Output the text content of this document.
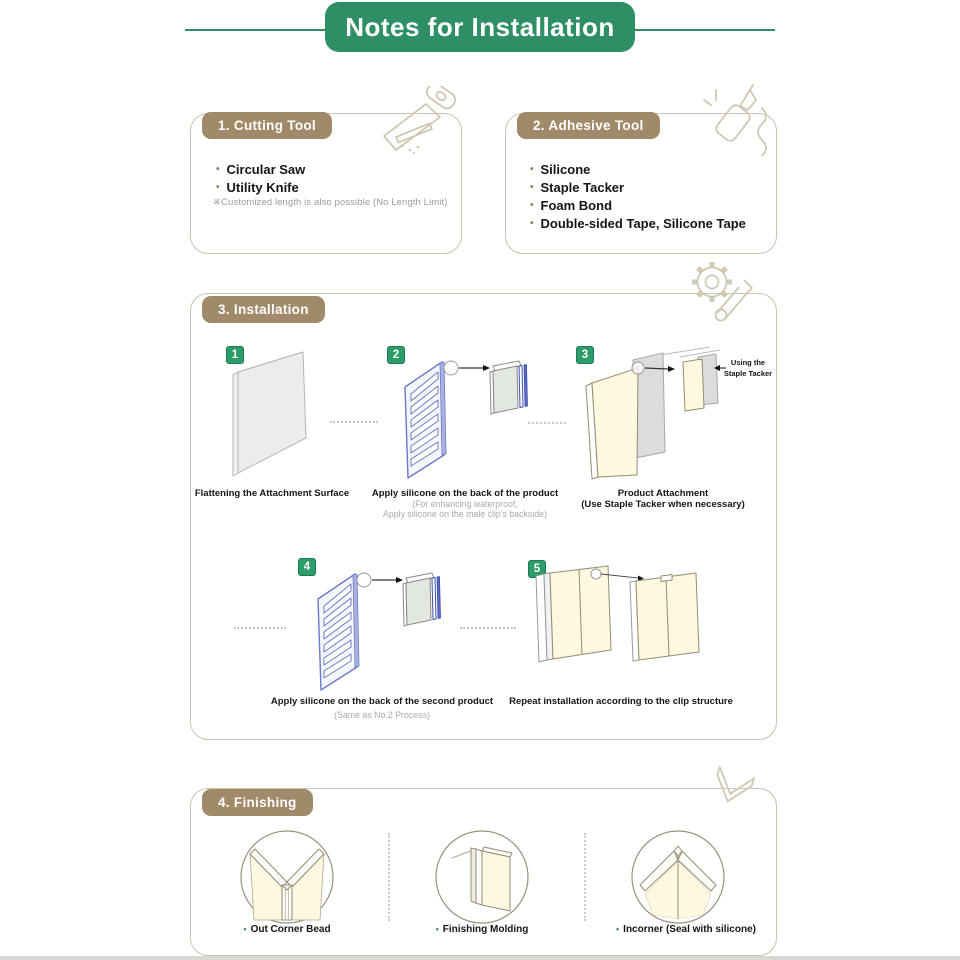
Notes for Installation
1. Cutting Tool
• Circular Saw
• Utility Knife
※Customized length is also possible (No Length Limit)
2. Adhesive Tool
• Silicone
• Staple Tacker
• Foam Bond
• Double-sided Tape, Silicone Tape
3. Installation
1	2	3
4	5
Using the
Staple Tacker
Flattening the Attachment Surface	Apply silicone on the back of the product
(For enhancing waterproof,
Apply silicone on the male clip's backside)
Product Attachment
(Use Staple Tacker when necessary)
Apply silicone on the back of the second product
(Same as No.2 Process)
Repeat installation according to the clip structure
4. Finishing
• Out Corner Bead	• Finishing Molding	• Incorner (Seal with silicone)
